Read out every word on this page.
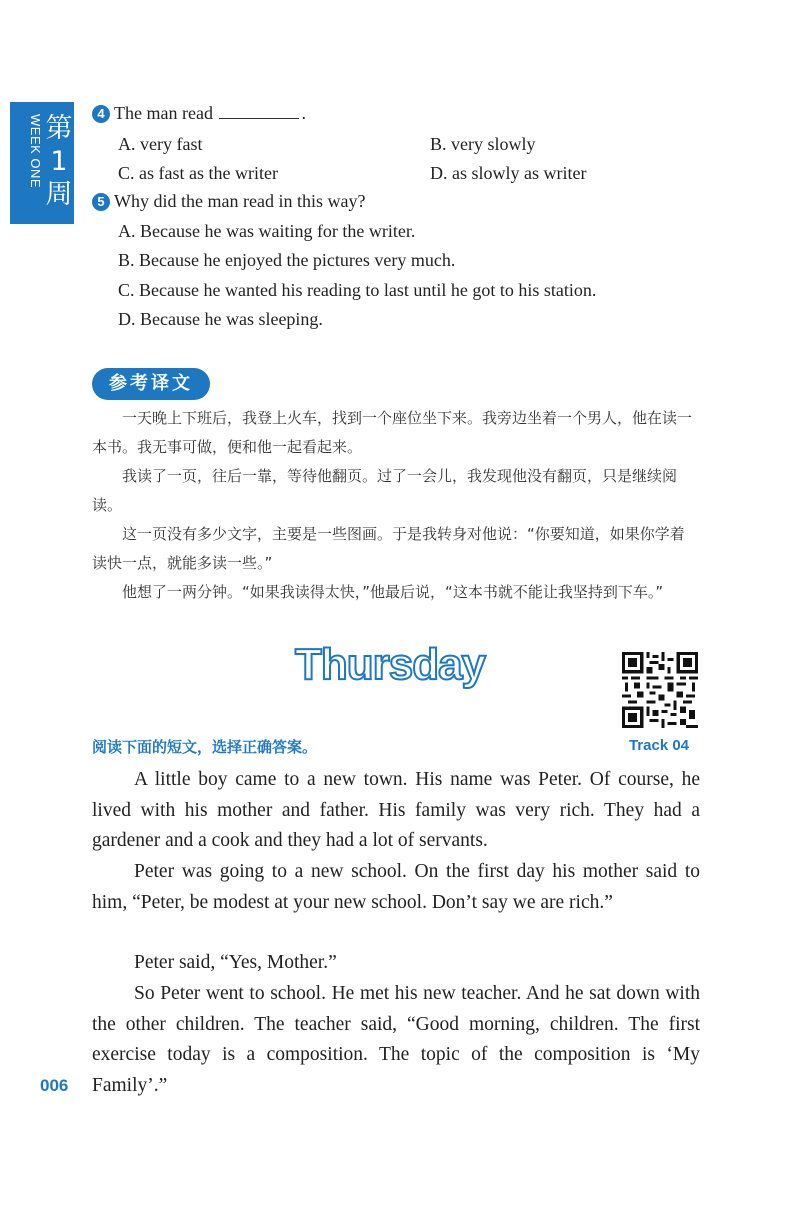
WEEK ONE 第1周
4 The man read	.
A. very fast	B. very slowly
C. as fast as the writer	D. as slowly as writer
5 Why did the man read in this way?
A. Because he was waiting for the writer.
B. Because he enjoyed the pictures very much.
C. Because he wanted his reading to last until he got to his station.
D. Because he was sleeping.
参考译文
一天晚上下班后，我登上火车，找到一个座位坐下来。我旁边坐着一个男人，他在读一本书。我无事可做，便和他一起看起来。
我读了一页，往后一靠，等待他翻页。过了一会儿，我发现他没有翻页，只是继续阅读。
这一页没有多少文字，主要是一些图画。于是我转身对他说：“你要知道，如果你学着读快一点，就能多读一些。”
他想了一两分钟。“如果我读得太快，”他最后说，“这本书就不能让我坚持到下车。”
Thursday
Track 04
阅读下面的短文，选择正确答案。
A little boy came to a new town. His name was Peter. Of course, he lived with his mother and father. His family was very rich. They had a gardener and a cook and they had a lot of servants.
Peter was going to a new school. On the first day his mother said to him, “Peter, be modest at your new school. Don’t say we are rich.”
Peter said, “Yes, Mother.”
So Peter went to school. He met his new teacher. And he sat down with the other children. The teacher said, “Good morning, children. The first exercise today is a composition. The topic of the composition is ‘My Family’.”
006
